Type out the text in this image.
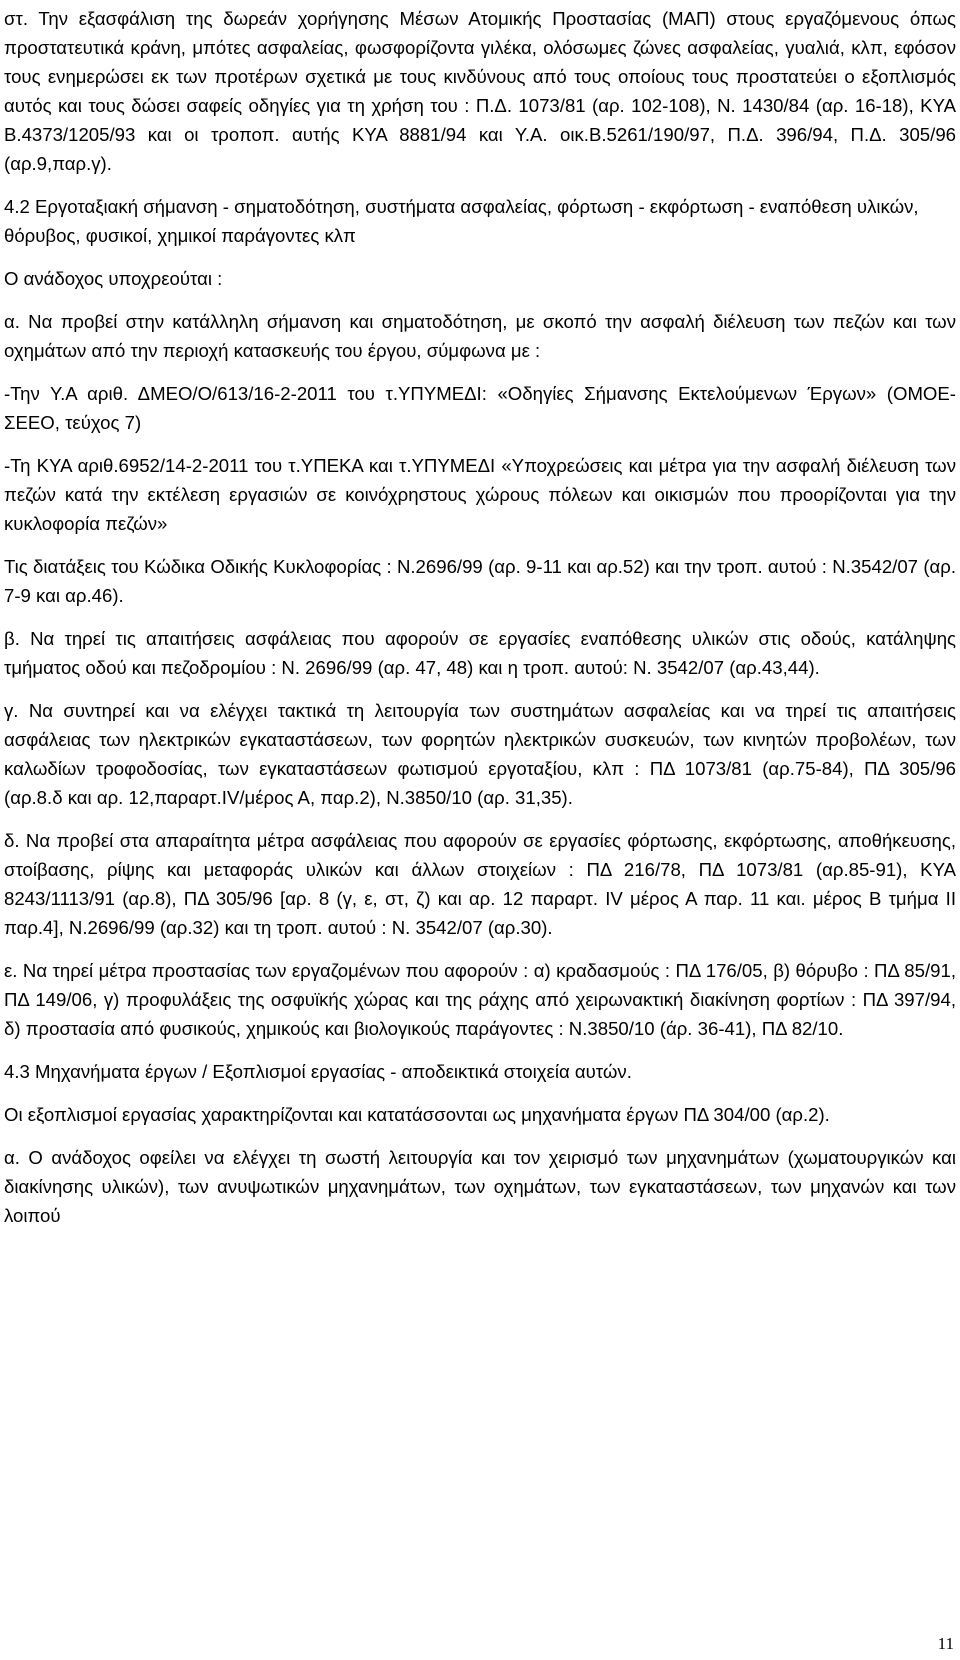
στ. Την εξασφάλιση της δωρεάν χορήγησης Μέσων Ατομικής Προστασίας (ΜΑΠ) στους εργαζόμενους όπως προστατευτικά κράνη, μπότες ασφαλείας, φωσφορίζοντα γιλέκα, ολόσωμες ζώνες ασφαλείας, γυαλιά, κλπ, εφόσον τους ενημερώσει εκ των προτέρων σχετικά με τους κινδύνους από τους οποίους τους προστατεύει ο εξοπλισμός αυτός και τους δώσει σαφείς οδηγίες για τη χρήση του : Π.Δ. 1073/81 (αρ. 102-108), Ν. 1430/84 (αρ. 16-18), ΚΥΑ Β.4373/1205/93 και οι τροποπ. αυτής ΚΥΑ 8881/94 και Υ.Α. οικ.Β.5261/190/97, Π.Δ. 396/94, Π.Δ. 305/96 (αρ.9,παρ.γ).

4.2 Εργοταξιακή σήμανση - σηματοδότηση, συστήματα ασφαλείας, φόρτωση - εκφόρτωση - εναπόθεση υλικών, θόρυβος, φυσικοί, χημικοί παράγοντες κλπ

Ο ανάδοχος υποχρεούται :

α. Να προβεί στην κατάλληλη σήμανση και σηματοδότηση, με σκοπό την ασφαλή διέλευση των πεζών και των οχημάτων από την περιοχή κατασκευής του έργου, σύμφωνα με :

-Την Υ.Α αριθ. ΔΜΕΟ/Ο/613/16-2-2011 του τ.ΥΠΥΜΕΔΙ: «Οδηγίες Σήμανσης Εκτελούμενων Έργων» (ΟΜΟΕ-ΣΕΕΟ, τεύχος 7)

-Τη ΚΥΑ αριθ.6952/14-2-2011 του τ.ΥΠΕΚΑ και τ.ΥΠΥΜΕΔΙ «Υποχρεώσεις και μέτρα για την ασφαλή διέλευση των πεζών κατά την εκτέλεση εργασιών σε κοινόχρηστους χώρους πόλεων και οικισμών που προορίζονται για την κυκλοφορία πεζών»

Τις διατάξεις του Κώδικα Οδικής Κυκλοφορίας : Ν.2696/99 (αρ. 9-11 και αρ.52) και την τροπ. αυτού : Ν.3542/07 (αρ. 7-9 και αρ.46).

β. Να τηρεί τις απαιτήσεις ασφάλειας που αφορούν σε εργασίες εναπόθεσης υλικών στις οδούς, κατάληψης τμήματος οδού και πεζοδρομίου : Ν. 2696/99 (αρ. 47, 48) και η τροπ. αυτού: Ν. 3542/07 (αρ.43,44).

γ. Να συντηρεί και να ελέγχει τακτικά τη λειτουργία των συστημάτων ασφαλείας και να τηρεί τις απαιτήσεις ασφάλειας των ηλεκτρικών εγκαταστάσεων, των φορητών ηλεκτρικών συσκευών, των κινητών προβολέων, των καλωδίων τροφοδοσίας, των εγκαταστάσεων φωτισμού εργοταξίου, κλπ : ΠΔ 1073/81 (αρ.75-84), ΠΔ 305/96 (αρ.8.δ και αρ. 12,παραρτ.IV/μέρος Α, παρ.2), Ν.3850/10 (αρ. 31,35).

δ. Να προβεί στα απαραίτητα μέτρα ασφάλειας που αφορούν σε εργασίες φόρτωσης, εκφόρτωσης, αποθήκευσης, στοίβασης, ρίψης και μεταφοράς υλικών και άλλων στοιχείων : ΠΔ 216/78, ΠΔ 1073/81 (αρ.85-91), ΚΥΑ 8243/1113/91 (αρ.8), ΠΔ 305/96 [αρ. 8 (γ, ε, στ, ζ) και αρ. 12 παραρτ. IV μέρος Α παρ. 11 και. μέρος Β τμήμα ΙΙ παρ.4], Ν.2696/99 (αρ.32) και τη τροπ. αυτού : Ν. 3542/07 (αρ.30).

ε. Να τηρεί μέτρα προστασίας των εργαζομένων που αφορούν : α) κραδασμούς : ΠΔ 176/05, β) θόρυβο : ΠΔ 85/91, ΠΔ 149/06, γ) προφυλάξεις της οσφυϊκής χώρας και της ράχης από χειρωνακτική διακίνηση φορτίων : ΠΔ 397/94, δ) προστασία από φυσικούς, χημικούς και βιολογικούς παράγοντες : Ν.3850/10 (άρ. 36-41), ΠΔ 82/10.

4.3 Μηχανήματα έργων / Εξοπλισμοί εργασίας - αποδεικτικά στοιχεία αυτών.

Οι εξοπλισμοί εργασίας χαρακτηρίζονται και κατατάσσονται ως μηχανήματα έργων ΠΔ 304/00 (αρ.2).

α. Ο ανάδοχος οφείλει να ελέγχει τη σωστή λειτουργία και τον χειρισμό των μηχανημάτων (χωματουργικών και διακίνησης υλικών), των ανυψωτικών μηχανημάτων, των οχημάτων, των εγκαταστάσεων, των μηχανών και των λοιπού

11
